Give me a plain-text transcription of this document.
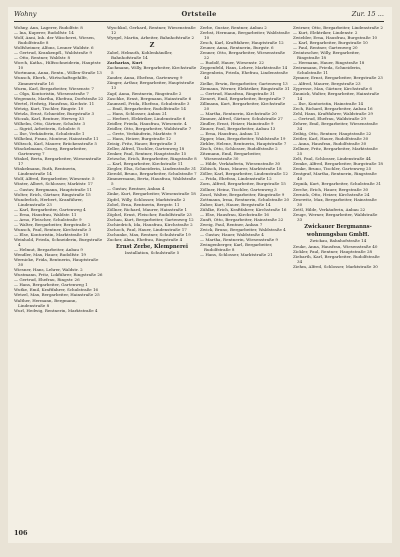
Wohny	Ortsteile	Zur. 15 ...

Wohny, Ann, Lagerer, Rudolfstr. 8

— Ina, Kuperer, Rudolfstr. 14

Wolf, Anni, Inh. der Wäscherei, Wiesen, Rudolfstraße 8

Wolfsheimer, Alfons, Lenner Waldstr. 6

— Gertrud, Krankenpfl., Waldstraße 9

— Otto, Rentner, Waldstr. 8

Worch, Katha., Hilfsschneiderin, Hauptstr. 10

Wortmann, Anna, Rentn., Willen-Straße 13

Wunsch, Eberh., Wirtschaftsgehilfe, Zimmerstraße 16

Wurm, Karl, Bergarbeiter, Wiesenstr. 7

— Olga, Kontoristin, Wiesenstraße 7

Wegemutz, Martha, Ehefrau, Dorfstraße 22

Wertel, Hedwig, Hausfrau, Kirchstr. 11

Wetzig, Kurt, Tischler, Ringstr. 10

Wetzla, Ernst, Schneider, Burgstraße 3

Wiczak, Karl, Rentner, Herweg 33

Wilhelm, Otto, Gärtner, Schulstr. 3

— Sigrid, Arbeiterin, Schulstr. 8

— Ilse, Verkäuferin, Schulstraße 1

Wilhelmi, Franz, Monteur, Hainstraße 11

Wiltzsch, Karl, Maurer, Brückenstraße 5

Winckelmann, Georg, Bergarbeiter, Gartenweg 7

Winkel, Berta, Bergarbeiter, Wiesenstraße 17

Winkelmann, Ruth, Rentnerin, Lindenstraße 14

Wolf, Alfred, Bergarbeiter, Wiesenstr. 5

Winter, Albert, Schlosser, Marktstr. 17

— Gustav, Bergmann, Hauptstraße 11

Wolter, Erich, Gärtner, Ringstraße 15

Wunderlich, Herbert, Kranführer, Lindenstraße 23

— Karl, Bergarbeiter, Gartenweg 4

— Erna, Hausfrau, Waldstr. 11

— Arno, Fleischer, Schulstraße 9

— Walter, Bergarbeiter, Bergstraße 2

Wunsch, Paul, Rentner, Kirchstraße 3

— Else, Kontoristin, Marktstraße 10

Weinhold, Frieda, Schneiderin, Burgstraße 4

— Helmut, Bergarbeiter, Anbau 9

Wendler, Max, Hauer, Rudolfstr. 19

Wernicke, Frida, Rentnerin, Hauptstraße 30

Wiesner, Hans, Lehrer, Waldstr. 2

Wustmann, Fritz, Lokführer, Ringstraße 26

— Gertrud, Ehefrau, Ringstr. 26

— Hans, Bergarbeiter, Gartenweg 1

Wutke, Emil, Kraftfahrer, Schulstraße 16

Wetzel, Max, Bergarbeiter, Hainstraße 25

Walther, Hermann, Bergmann, Lindenstraße 8

Wurl, Hedwig, Rentnerin, Marktstraße 4

Wyschkul, Gerhard, Rentner, Wiesenstraße 12

Wyrgel, Martin, Arbeiter, Bahnhofstraße 2

Z

Zabel, Helmuth, Kohlenhändler, Bahnhofstraße 14

Zacharias, Kurt

Zachmann, Willy, Bergarbeiter, Kirchstraße 5

Zander, Anna, Ehefrau, Gartenweg 9

Zänger, Arthur, Bergarbeiter, Hauptstraße 13

Zapf, Anna, Rentnerin, Ringstraße 2

Zaschke, Ernst, Bergmann, Hainstraße 6

Zaumseil, Frida, Ehefrau, Schulstraße 3

— Emil, Bergarbeiter, Rudolfstraße 14

— Hans, Schlosser, Anbau 21

— Herbert, Elektriker, Lindenstraße 6

Zeidler, Frieda, Hausfrau, Wiesenstr. 4

Zeidler, Otto, Bergarbeiter, Waldstraße 7

— Grete, Verkäuferin, Marktstr. 9

— Hans, Heizer, Burgstraße 12

Zeisig, Fritz, Hauer, Bergstraße 3

Zeller, Alfred, Tischler, Gartenweg 18

Zenker, Paul, Rentner, Hauptstraße 15

Zetzsche, Erich, Bergarbeiter, Ringstraße 8

— Karl, Bergarbeiter, Kirchstraße 11

Ziegler, Elsa, Schneiderin, Lindenstraße 31

Zierold, Bruno, Bergarbeiter, Schulstraße 7

Zimmermann, Berta, Hausfrau, Waldstraße 5

— Gustav, Rentner, Anbau 4

Zinke, Kurt, Bergarbeiter, Wiesenstraße 18

Zipfel, Willy, Schlosser, Marktstraße 2

Zobel, Erna, Rentnerin, Bergstr. 11

Zöllner, Richard, Maurer, Hainstraße 1

Zöphel, Ernst, Fleischer, Rudolfstraße 23

Zschau, Kurt, Bergarbeiter, Gartenweg 12

Zschiedrich, Ida, Hausfrau, Kirchstraße 2

Zschoch, Paul, Hauer, Lindenstraße 17

Zschunke, Max, Rentner, Schulstraße 19

Zucker, Alma, Ehefrau, Ringstraße 4

Ernst Zerbe, Klempnerei

Installation, Schulstraße 5

Zerbe, Gustav, Rentner, Anbau 2

Zerbst, Hermann, Bergarbeiter, Waldstraße 10

Zesch, Karl, Kraftfahrer, Hauptstraße 12

Zeuner, Anna, Rentnerin, Burgstr. 6

Zenner, Otto, Bergarbeiter, Wiesenstraße 22

— Rudolf, Hauer, Wiesenstr. 22

Zeppenfeld, Hans, Lehrer, Marktstraße 14

Ziegenbein, Frieda, Ehefrau, Lindenstraße 40

Zielke, Erwin, Bergarbeiter, Gartenweg 13

Ziemann, Werner, Elektriker, Ringstraße 31

— Gertrud, Hausfrau, Ringstraße 31

Zienert, Emil, Bergarbeiter, Bergstraße 7

Zillmann, Kurt, Bergarbeiter, Kirchstraße 20

— Martha, Rentnerin, Kirchstraße 20

Zimmer, Alfred, Gärtner, Schulstraße 27

Zindler, Ernst, Heizer, Hainstraße 9

Zinner, Paul, Bergarbeiter, Anbau 13

— Erna, Hausfrau, Anbau 13

Zipper, Max, Bergarbeiter, Waldstraße 19

Zirkler, Helene, Rentnerin, Hauptstraße 7

Zisch, Otto, Schlosser, Rudolfstraße 2

Zitzmann, Emil, Bergarbeiter, Wiesenstraße 30

— Hilde, Verkäuferin, Wiesenstraße 30

Zöbisch, Hans, Maurer, Marktstraße 18

Zöller, Karl, Bergarbeiter, Lindenstraße 12

— Frida, Ehefrau, Lindenstraße 12

Zorn, Alfred, Bergarbeiter, Burgstraße 15

Zöllner, Heinz, Tischler, Gartenweg 3

Zosel, Walter, Bergarbeiter, Ringstraße 9

Zottmann, Irma, Rentnerin, Schulstraße 20

Zuber, Kurt, Hauer, Bergstraße 14

Zühlke, Erich, Kraftfahrer, Kirchstraße 16

— Else, Hausfrau, Kirchstraße 16

Zunft, Otto, Bergarbeiter, Hainstraße 22

Zweig, Paul, Rentner, Anbau 7

Zwick, Bruno, Bergarbeiter, Waldstraße 4

— Gustav, Hauer, Waldstraße 4

— Martha, Rentnerin, Wiesenstraße 9

Zwingenberger, Karl, Bergarbeiter, Rudolfstraße 8

— Hans, Schlosser, Marktstraße 21

Zwirner, Otto, Bergarbeiter, Lindenstraße 2

— Kurt, Elektriker, Lindenstr. 2

Zwiebler, Erna, Hausfrau, Burgstraße 10

— Karl, Bergarbeiter, Burgstraße 10

— Paul, Rentner, Gartenweg 20

Zwintzscher, Willy, Bergarbeiter, Ringstraße 18

— Hermann, Hauer, Ringstraße 18

Zwirnmann, Frieda, Schneiderin, Schulstraße 11

Zymner, Ernst, Bergarbeiter, Bergstraße 23

— Alfred, Maurer, Bergstraße 23

Zypresse, Max, Gärtner, Kirchstraße 6

Zaunick, Walter, Bergarbeiter, Hainstraße 14

— Ilse, Kontoristin, Hainstraße 14

Zech, Richard, Bergarbeiter, Anbau 16

Zehl, Hans, Kraftfahrer, Waldstraße 29

— Gertrud, Ehefrau, Waldstraße 29

Zehrer, Emil, Bergarbeiter, Wiesenstraße 34

Zeibig, Otto, Rentner, Hauptstraße 22

Zeitler, Karl, Hauer, Rudolfstraße 30

— Anna, Hausfrau, Rudolfstraße 30

Zellmer, Fritz, Bergarbeiter, Marktstraße 25

Zelt, Paul, Schlosser, Lindenstraße 44

Zemke, Alfred, Bergarbeiter, Burgstraße 18

Zenke, Bruno, Tischler, Gartenweg 25

Zentgraf, Martha, Rentnerin, Ringstraße 40

Zepnik, Kurt, Bergarbeiter, Schulstraße 31

Zerche, Erich, Hauer, Bergstraße 30

Zernick, Otto, Heizer, Kirchstraße 24

Zesewitz, Max, Bergarbeiter, Hainstraße 30

Zettl, Hilde, Verkäuferin, Anbau 22

Zeuge, Werner, Bergarbeiter, Waldstraße 33

Zwickauer Bergmanns-

wohnungsbau GmbH.

Zwickau, Bahnhofstraße 14

Zeuke, Anna, Hausfrau, Wiesenstraße 40

Zickler, Paul, Rentner, Hauptstraße 28

Ziebarth, Karl, Bergarbeiter, Rudolfstraße 34

Ziehm, Alfred, Schlosser, Marktstraße 30

106
